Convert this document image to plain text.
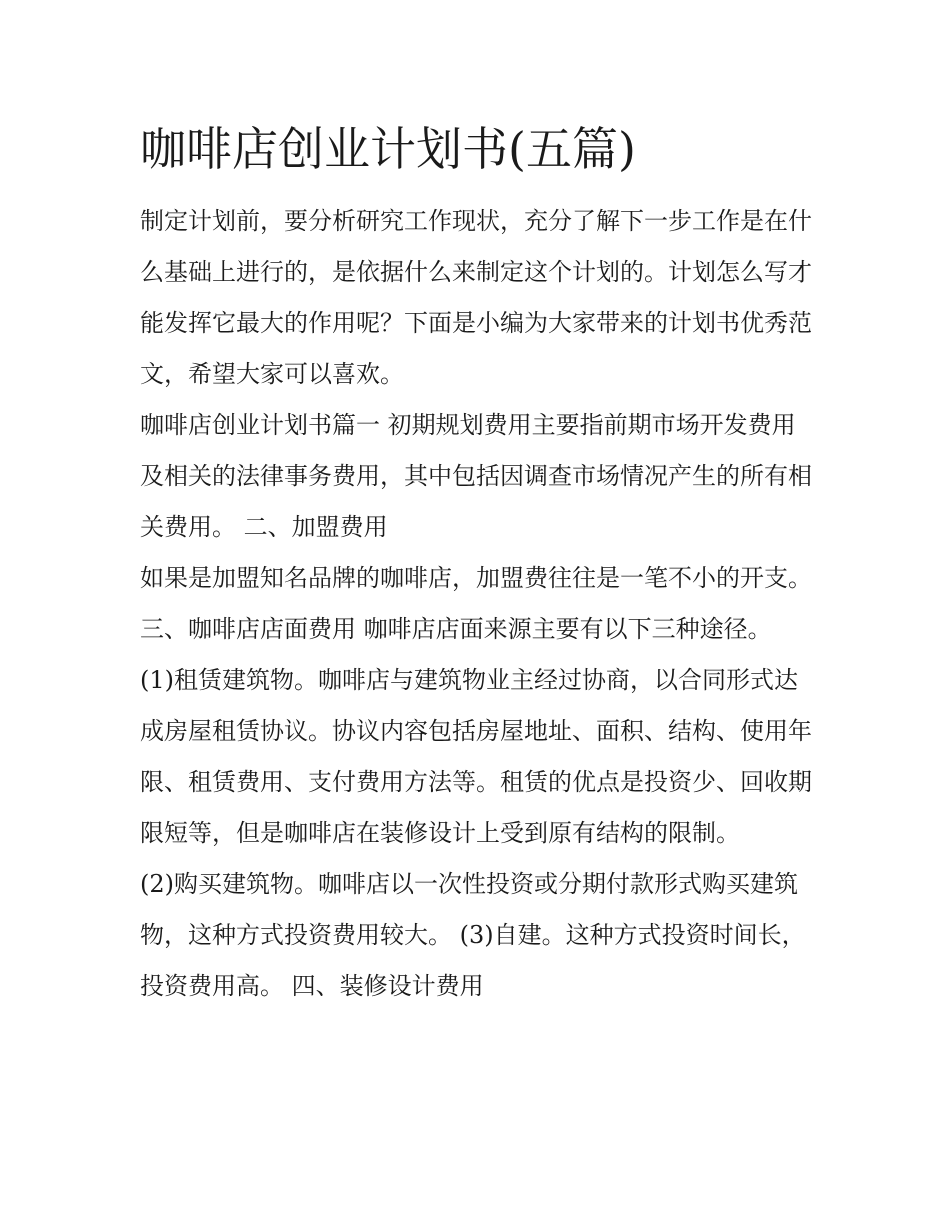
咖啡店创业计划书(五篇)

制定计划前，要分析研究工作现状，充分了解下一步工作是在什么基础上进行的，是依据什么来制定这个计划的。计划怎么写才能发挥它最大的作用呢？下面是小编为大家带来的计划书优秀范文，希望大家可以喜欢。

咖啡店创业计划书篇一 初期规划费用主要指前期市场开发费用及相关的法律事务费用，其中包括因调查市场情况产生的所有相关费用。 二、加盟费用

如果是加盟知名品牌的咖啡店，加盟费往往是一笔不小的开支。 三、咖啡店店面费用 咖啡店店面来源主要有以下三种途径。

(1)租赁建筑物。咖啡店与建筑物业主经过协商，以合同形式达成房屋租赁协议。协议内容包括房屋地址、面积、结构、使用年限、租赁费用、支付费用方法等。租赁的优点是投资少、回收期限短等，但是咖啡店在装修设计上受到原有结构的限制。

(2)购买建筑物。咖啡店以一次性投资或分期付款形式购买建筑物，这种方式投资费用较大。 (3)自建。这种方式投资时间长，投资费用高。 四、装修设计费用
